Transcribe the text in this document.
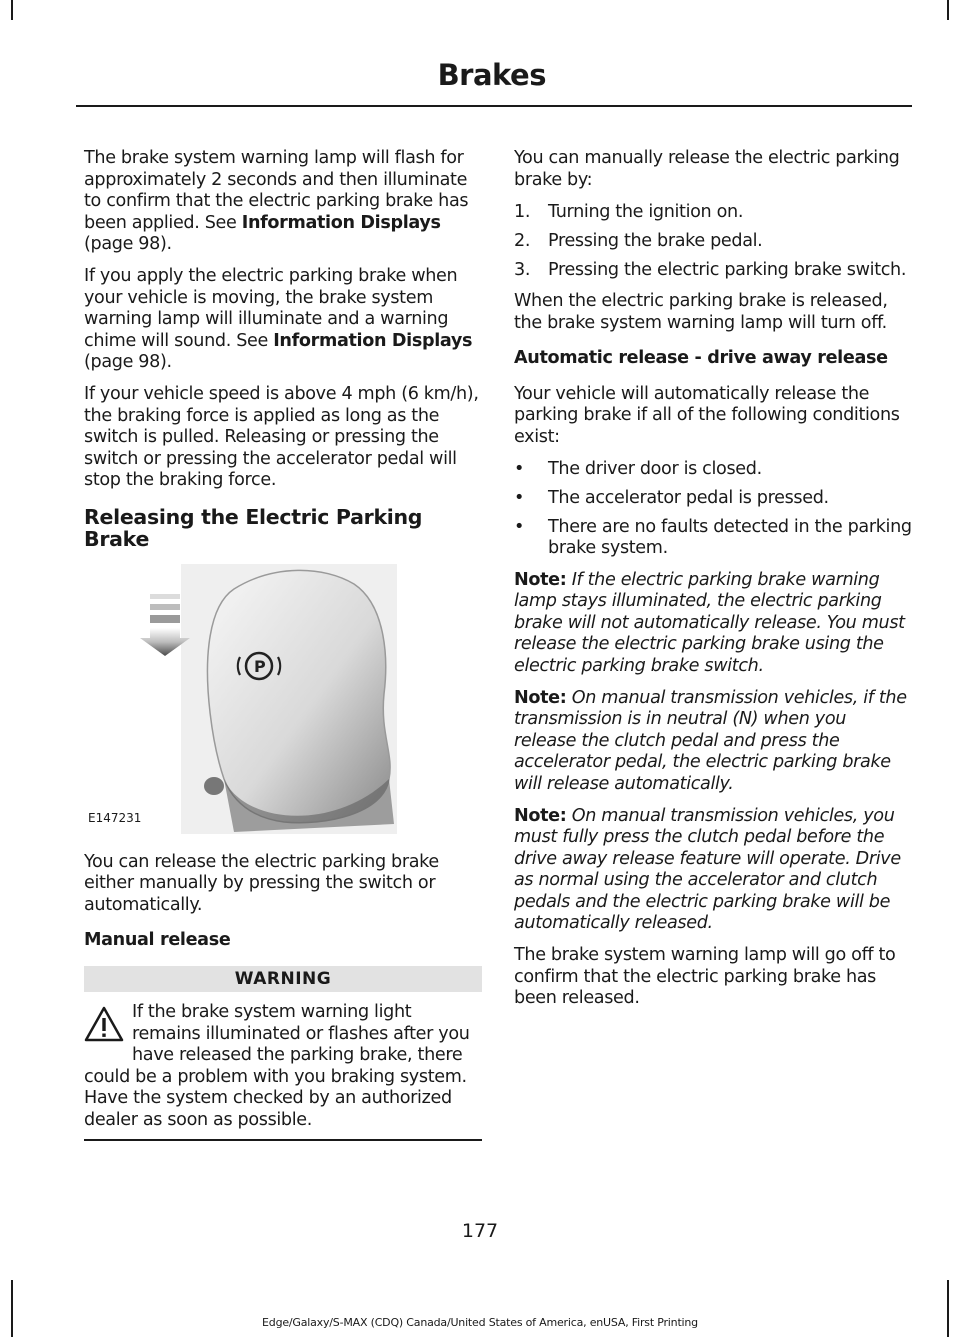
Brakes

The brake system warning lamp will flash for approximately 2 seconds and then illuminate to confirm that the electric parking brake has been applied. See Information Displays (page 98).

If you apply the electric parking brake when your vehicle is moving, the brake system warning lamp will illuminate and a warning chime will sound. See Information Displays (page 98).

If your vehicle speed is above 4 mph (6 km/h), the braking force is applied as long as the switch is pulled. Releasing or pressing the switch or pressing the accelerator pedal will stop the braking force.

Releasing the Electric Parking Brake
P
E147231

You can release the electric parking brake either manually by pressing the switch or automatically.

Manual release
WARNING
If the brake system warning light remains illuminated or flashes after you have released the parking brake, there could be a problem with you braking system. Have the system checked by an authorized dealer as soon as possible.

You can manually release the electric parking brake by:

1.	Turning the ignition on.
2.	Pressing the brake pedal.
3.	Pressing the electric parking brake switch.

When the electric parking brake is released, the brake system warning lamp will turn off.

Automatic release - drive away release

Your vehicle will automatically release the parking brake if all of the following conditions exist:

•	The driver door is closed.
•	The accelerator pedal is pressed.
•	There are no faults detected in the parking brake system.

Note: If the electric parking brake warning lamp stays illuminated, the electric parking brake will not automatically release. You must release the electric parking brake using the electric parking brake switch.

Note: On manual transmission vehicles, if the transmission is in neutral (N) when you release the clutch pedal and press the accelerator pedal, the electric parking brake will release automatically.

Note: On manual transmission vehicles, you must fully press the clutch pedal before the drive away release feature will operate. Drive as normal using the accelerator and clutch pedals and the electric parking brake will be automatically released.

The brake system warning lamp will go off to confirm that the electric parking brake has been released.

177
Edge/Galaxy/S-MAX (CDQ) Canada/United States of America, enUSA, First Printing
